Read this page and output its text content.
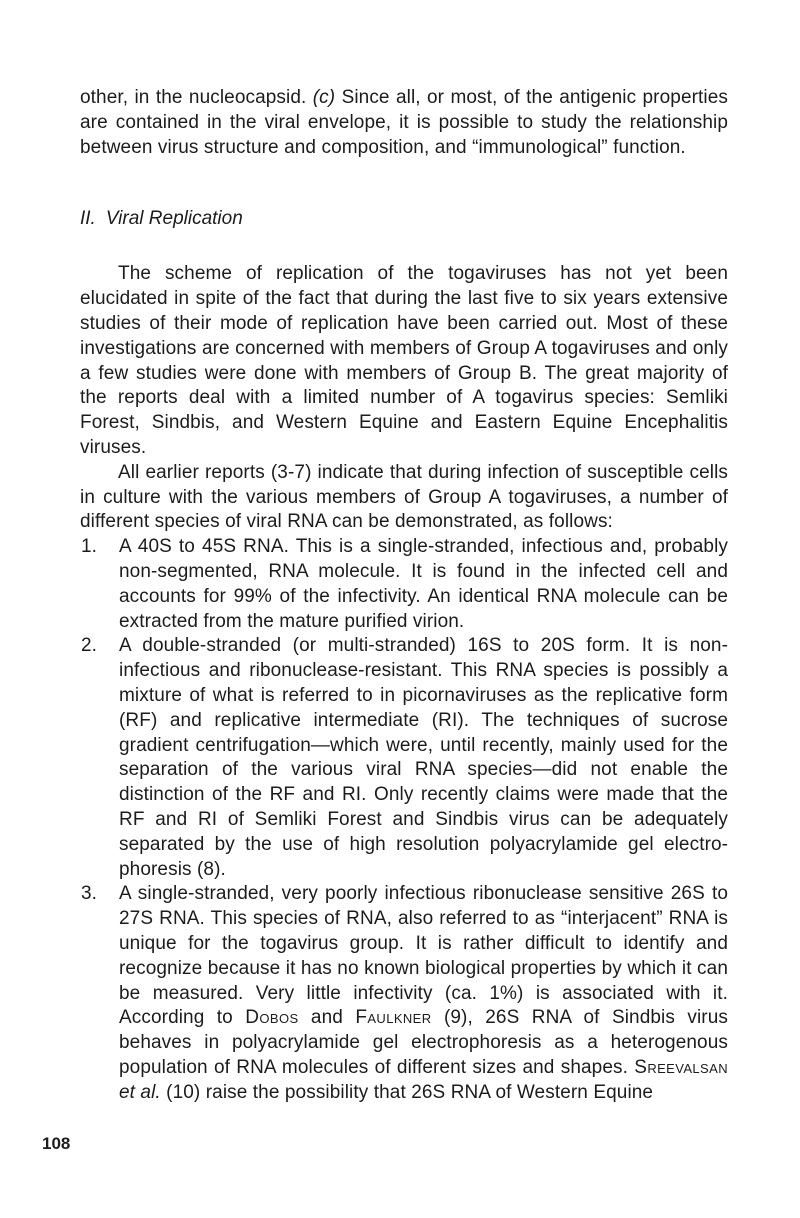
other, in the nucleocapsid. (c) Since all, or most, of the antigenic properties are contained in the viral envelope, it is possible to study the relationship between virus structure and composition, and “immunological” function.

II. Viral Replication

The scheme of replication of the togaviruses has not yet been elucidated in spite of the fact that during the last five to six years extensive studies of their mode of replication have been carried out. Most of these investigations are concerned with members of Group A togaviruses and only a few studies were done with members of Group B. The great majority of the reports deal with a limited number of A togavirus species: Semliki Forest, Sindbis, and Western Equine and Eastern Equine Encephalitis viruses.

All earlier reports (3-7) indicate that during infection of susceptible cells in culture with the various members of Group A togaviruses, a number of different species of viral RNA can be demonstrated, as follows:

1. A 40S to 45S RNA. This is a single-stranded, infectious and, probably non-segmented, RNA molecule. It is found in the infected cell and accounts for 99% of the infectivity. An identical RNA molecule can be extracted from the mature purified virion.

2. A double-stranded (or multi-stranded) 16S to 20S form. It is non-infectious and ribonuclease-resistant. This RNA species is possibly a mixture of what is referred to in picornaviruses as the replicative form (RF) and replicative intermediate (RI). The techniques of sucrose gradient centrifugation—which were, until recently, mainly used for the separation of the various viral RNA species—did not enable the distinction of the RF and RI. Only recently claims were made that the RF and RI of Semliki Forest and Sindbis virus can be adequately separated by the use of high resolution polyacrylamide gel electrophoresis (8).

3. A single-stranded, very poorly infectious ribonuclease sensitive 26S to 27S RNA. This species of RNA, also referred to as “interjacent” RNA is unique for the togavirus group. It is rather difficult to identify and recognize because it has no known biological properties by which it can be measured. Very little infectivity (ca. 1%) is associated with it. According to Dobos and Faulkner (9), 26S RNA of Sindbis virus behaves in polyacrylamide gel electrophoresis as a heterogenous population of RNA molecules of different sizes and shapes. Sreevalsan et al. (10) raise the possibility that 26S RNA of Western Equine

108
